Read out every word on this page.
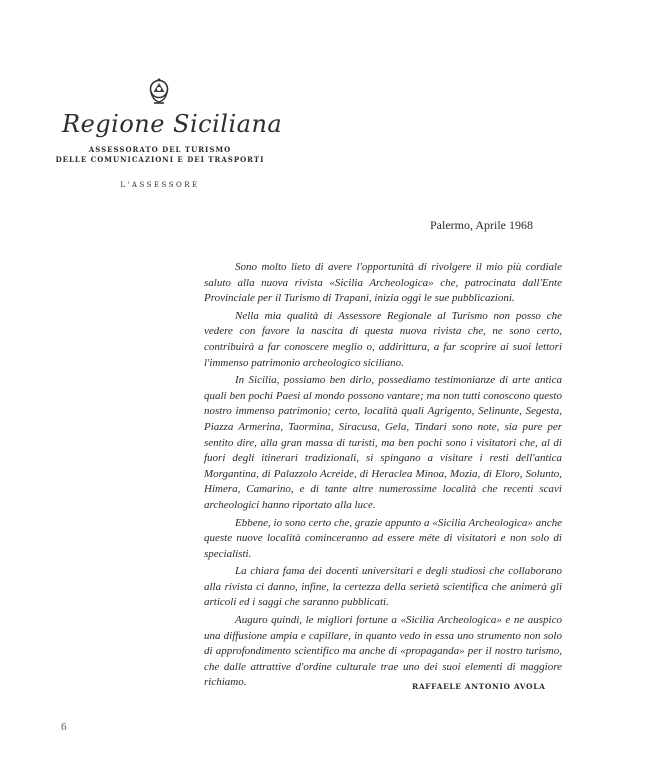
Regione Siciliana
ASSESSORATO DEL TURISMO
DELLE COMUNICAZIONI E DEI TRASPORTI
L'ASSESSORE
Palermo, Aprile 1968

Sono molto lieto di avere l'opportunità di rivolgere il mio più cordiale saluto alla nuova rivista «Sicilia Archeologica» che, patrocinata dall'Ente Provinciale per il Turismo di Trapani, inizia oggi le sue pubblicazioni.

Nella mia qualità di Assessore Regionale al Turismo non posso che vedere con favore la nascita di questa nuova rivista che, ne sono certo, contribuirà a far conoscere meglio o, addirittura, a far scoprire ai suoi lettori l'immenso patrimonio archeologico siciliano.

In Sicilia, possiamo ben dirlo, possediamo testimonianze di arte antica quali ben pochi Paesi al mondo possono vantare; ma non tutti conoscono questo nostro immenso patrimonio; certo, località quali Agrigento, Selinunte, Segesta, Piazza Armerina, Taormina, Siracusa, Gela, Tindari sono note, sia pure per sentito dire, alla gran massa di turisti, ma ben pochi sono i visitatori che, al di fuori degli itinerari tradizionali, si spingano a visitare i resti dell'antica Morgantina, di Palazzolo Acreide, di Heraclea Minoa, Mozia, di Eloro, Soluntο, Himera, Camarino, e di tante altre numerossime località che recenti scavi archeologici hanno riportato alla luce.

Ebbene, io sono certo che, grazie appunto a «Sicilia Archeologica» anche queste nuove località cominceranno ad essere méte di visitatori e non solo di specialisti.

La chiara fama dei docenti universitari e degli studiosi che collaborano alla rivista ci danno, infine, la certezza della serietà scientifica che animerà gli articoli ed i saggi che saranno pubblicati.

Auguro quindi, le migliori fortune a «Sicilia Archeologica» e ne auspico una diffusione ampia e capillare, in quanto vedo in essa uno strumento non solo di approfondimento scientifico ma anche di «propaganda» per il nostro turismo, che dalle attrattive d'ordine culturale trae uno dei suoi elementi di maggiore richiamo.	RAFFAELE ANTONIO AVOLA
6
